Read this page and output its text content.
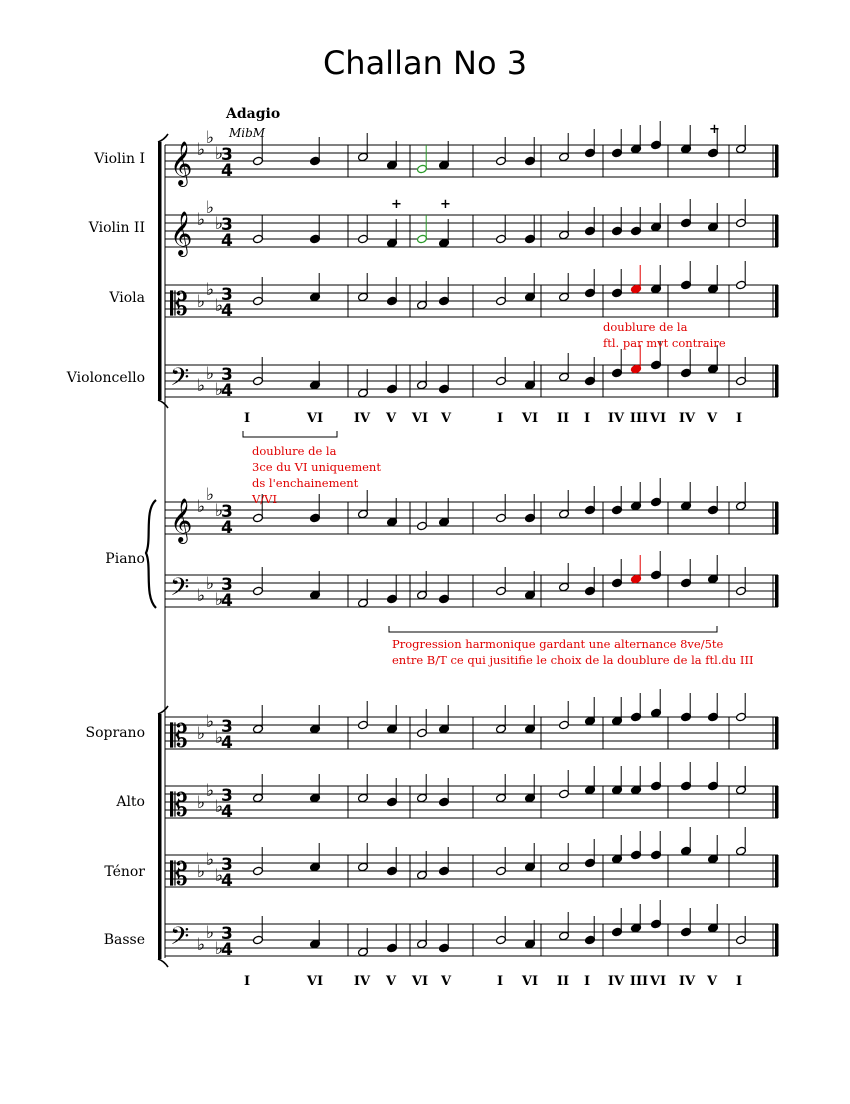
𝄞 ♭
♭
♭
3
4
𝄞 ♭
♭
♭
3
4
𝄡 ♭
♭
♭
3
4
𝄢 ♭
♭
♭
3
4
𝄞 ♭
♭
♭
3
4
𝄢 ♭
♭
♭
3
4
𝄡 ♭
♭
♭
3
4
𝄡 ♭
♭
♭
3
4
𝄡 ♭
♭
♭
3
4
𝄢 ♭
♭
♭
3
4
+
+	+
Challan No 3
Adagio
MibM
Violin I
Violin II
Viola
Violoncello
Piano
Soprano
Alto
Ténor
Basse
doublure de la
ftl. par mvt contraire
doublure de la
3ce du VI uniquement
ds l'enchainement
V/VI
Progression harmonique gardant une alternance 8ve/5te
entre B/T ce qui jusitifie le choix de la doublure de la ftl.du III
I	VI IV V VI V	I VI II I IV III VI IV V I
I	VI IV V VI V	I VI II I IV III VI IV V I
